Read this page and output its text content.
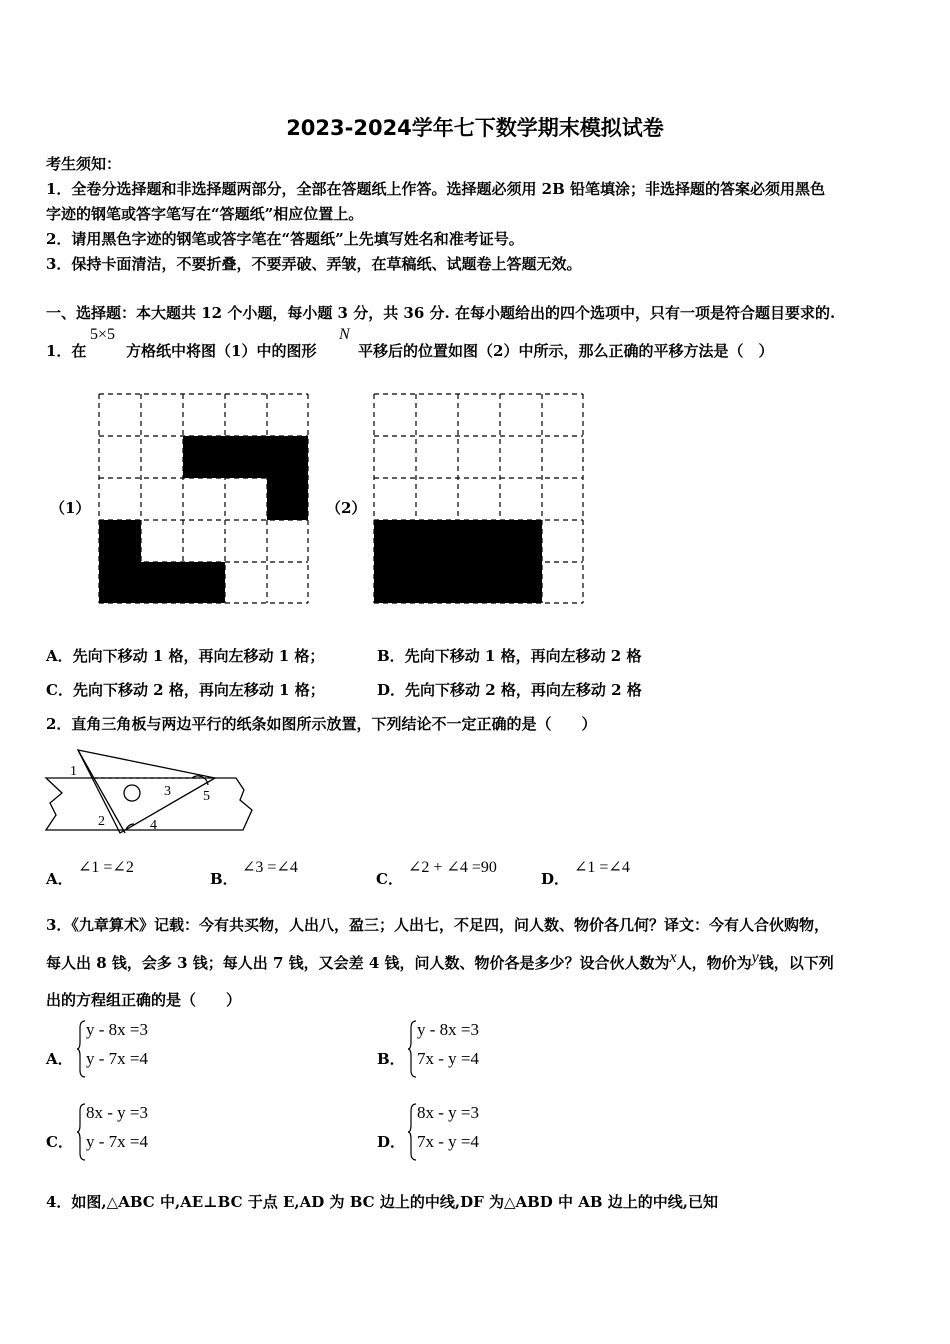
2023-2024学年七下数学期末模拟试卷
考生须知：
1．全卷分选择题和非选择题两部分，全部在答题纸上作答。选择题必须用 2B 铅笔填涂；非选择题的答案必须用黑色
字迹的钢笔或答字笔写在“答题纸”相应位置上。
2．请用黑色字迹的钢笔或答字笔在“答题纸”上先填写姓名和准考证号。
3．保持卡面清洁，不要折叠，不要弄破、弄皱，在草稿纸、试题卷上答题无效。
一、选择题：本大题共 12 个小题，每小题 3 分，共 36 分. 在每小题给出的四个选项中，只有一项是符合题目要求的.
1．在
5×5
方格纸中将图（1）中的图形
N
平移后的位置如图（2）中所示，那么正确的平移方法是（　）
（1）	（2）
A．先向下移动 1 格，再向左移动 1 格；	B．先向下移动 1 格，再向左移动 2 格
C．先向下移动 2 格，再向左移动 1 格；	D．先向下移动 2 格，再向左移动 2 格
2．直角三角板与两边平行的纸条如图所示放置，下列结论不一定正确的是（　　）
1
2
3
4
5
A．
∠1 =∠2
B．
∠3 =∠4
C．
∠2 + ∠4 =90
D．
∠1 =∠4
3．《九章算术》记载：今有共买物，人出八，盈三；人出七，不足四，问人数、物价各几何？译文：今有人合伙购物，
每人出 8 钱，会多 3 钱；每人出 7 钱，又会差 4 钱，问人数、物价各是多少？设合伙人数为x人，物价为y钱，以下列
出的方程组正确的是（　　）
A．
y - 8x =3
y - 7x =4	B．
y - 8x =3
7x - y =4
C．
8x - y =3
y - 7x =4	D．
8x - y =3
7x - y =4
4．如图,△ABC 中,AE⊥BC 于点 E,AD 为 BC 边上的中线,DF 为△ABD 中 AB 边上的中线,已知
